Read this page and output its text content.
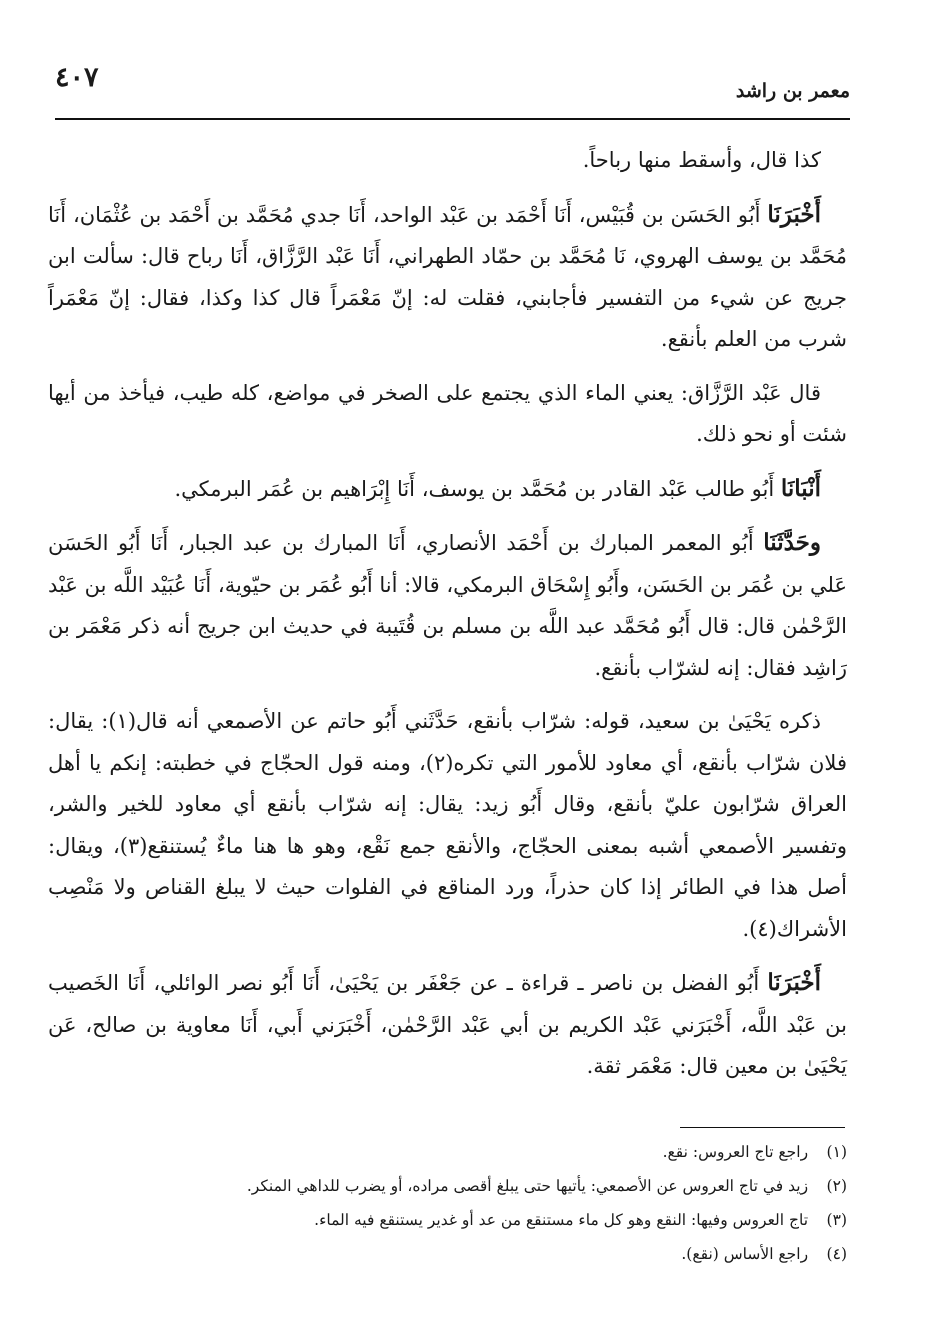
٤٠٧	معمر بن راشد

كذا قال، وأسقط منها رباحاً.

أَخْبَرَنَا أَبُو الحَسَن بن قُبَيْس، أَنَا أَحْمَد بن عَبْد الواحد، أَنَا جدي مُحَمَّد بن أَحْمَد بن عُثْمَان، أَنَا مُحَمَّد بن يوسف الهروي، نَا مُحَمَّد بن حمّاد الطهراني، أَنَا عَبْد الرَّزَّاق، أَنَا رباح قال: سألت ابن جريج عن شيء من التفسير فأجابني، فقلت له: إنّ مَعْمَراً قال كذا وكذا، فقال: إنّ مَعْمَراً شرب من العلم بأنقع.

قال عَبْد الرَّزَّاق: يعني الماء الذي يجتمع على الصخر في مواضع، كله طيب، فيأخذ من أيها شئت أو نحو ذلك.

أَنْبَانَا أَبُو طالب عَبْد القادر بن مُحَمَّد بن يوسف، أَنَا إِبْرَاهيم بن عُمَر البرمكي.

وحَدَّثَنَا أَبُو المعمر المبارك بن أَحْمَد الأنصاري، أَنَا المبارك بن عبد الجبار، أَنَا أَبُو الحَسَن عَلي بن عُمَر بن الحَسَن، وأَبُو إِسْحَاق البرمكي، قالا: أنا أَبُو عُمَر بن حيّوية، أَنَا عُبَيْد اللَّه بن عَبْد الرَّحْمٰن قال: قال أَبُو مُحَمَّد عبد اللَّه بن مسلم بن قُتَيبة في حديث ابن جريج أنه ذكر مَعْمَر بن رَاشِد فقال: إنه لشرّاب بأنقع.

ذكره يَحْيَىٰ بن سعيد، قوله: شرّاب بأنقع، حَدَّثَني أَبُو حاتم عن الأصمعي أنه قال(١): يقال: فلان شرّاب بأنقع، أي معاود للأمور التي تكره(٢)، ومنه قول الحجّاج في خطبته: إنكم يا أهل العراق شرّابون عليّ بأنقع، وقال أَبُو زيد: يقال: إنه شرّاب بأنقع أي معاود للخير والشر، وتفسير الأصمعي أشبه بمعنى الحجّاج، والأنقع جمع نَقْع، وهو ها هنا ماءٌ يُستنقع(٣)، ويقال: أصل هذا في الطائر إذا كان حذراً، ورد المناقع في الفلوات حيث لا يبلغ القناص ولا مَنْصِب الأشراك(٤).

أَخْبَرَنَا أَبُو الفضل بن ناصر ـ قراءة ـ عن جَعْفَر بن يَحْيَىٰ، أَنَا أَبُو نصر الوائلي، أَنَا الخَصيب بن عَبْد اللَّه، أَخْبَرَني عَبْد الكريم بن أبي عَبْد الرَّحْمٰن، أَخْبَرَني أَبي، أَنَا معاوية بن صالح، عَن يَحْيَىٰ بن معين قال: مَعْمَر ثقة.

(١) راجع تاج العروس: نقع.

(٢) زيد في تاج العروس عن الأصمعي: يأتيها حتى يبلغ أقصى مراده، أو يضرب للداهي المنكر.

(٣) تاج العروس وفيها: النقع وهو كل ماء مستنقع من عد أو غدير يستنقع فيه الماء.

(٤) راجع الأساس (نقع).
